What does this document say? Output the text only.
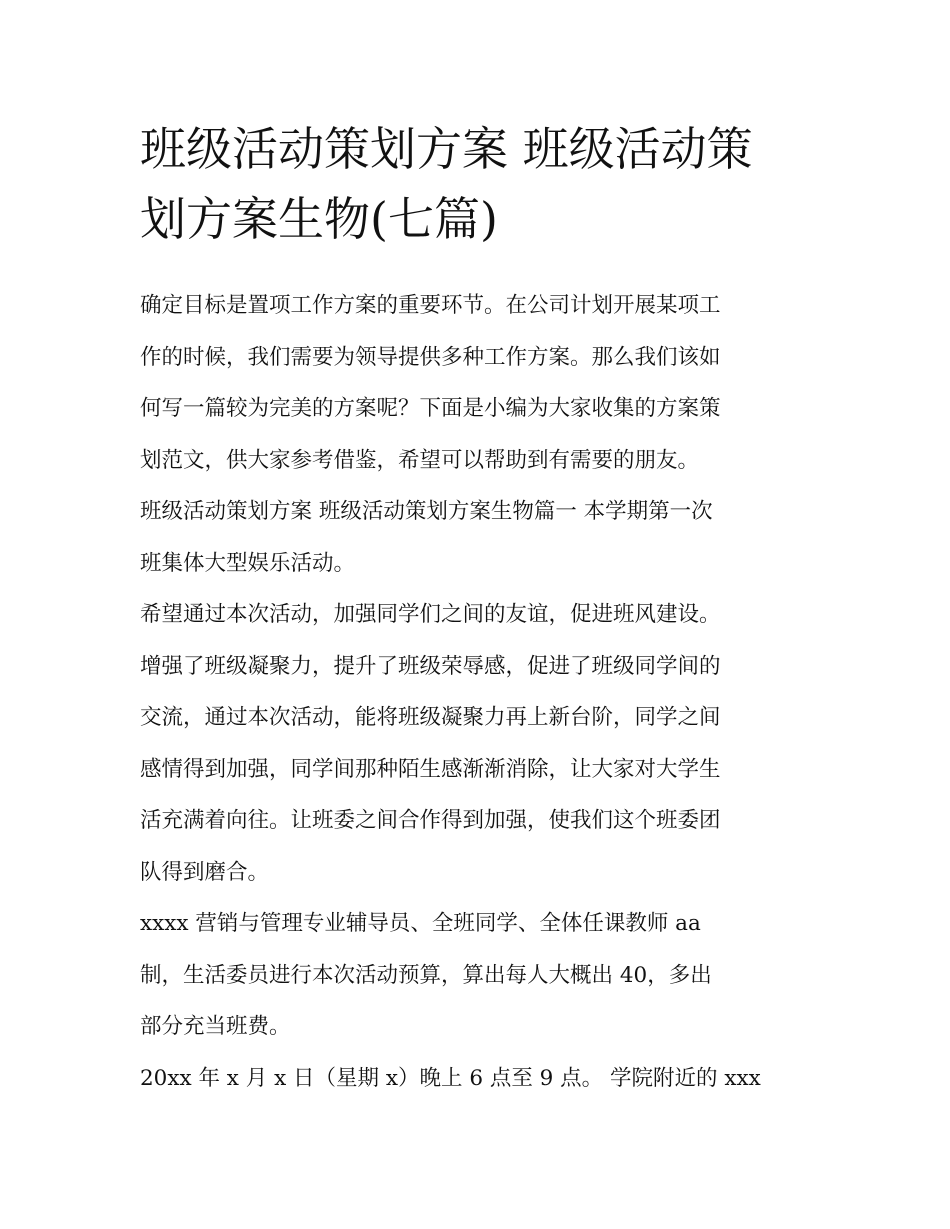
班级活动策划方案 班级活动策
划方案生物(七篇)
确定目标是置项工作方案的重要环节。在公司计划开展某项工
作的时候，我们需要为领导提供多种工作方案。那么我们该如
何写一篇较为完美的方案呢？下面是小编为大家收集的方案策
划范文，供大家参考借鉴，希望可以帮助到有需要的朋友。
班级活动策划方案 班级活动策划方案生物篇一 本学期第一次
班集体大型娱乐活动。
希望通过本次活动，加强同学们之间的友谊，促进班风建设。
增强了班级凝聚力，提升了班级荣辱感，促进了班级同学间的
交流，通过本次活动，能将班级凝聚力再上新台阶，同学之间
感情得到加强，同学间那种陌生感渐渐消除，让大家对大学生
活充满着向往。让班委之间合作得到加强，使我们这个班委团
队得到磨合。
xxxx 营销与管理专业辅导员、全班同学、全体任课教师 aa
制，生活委员进行本次活动预算，算出每人大概出 40，多出
部分充当班费。
20xx 年 x 月 x 日（星期 x）晚上 6 点至 9 点。 学院附近的 xxx
